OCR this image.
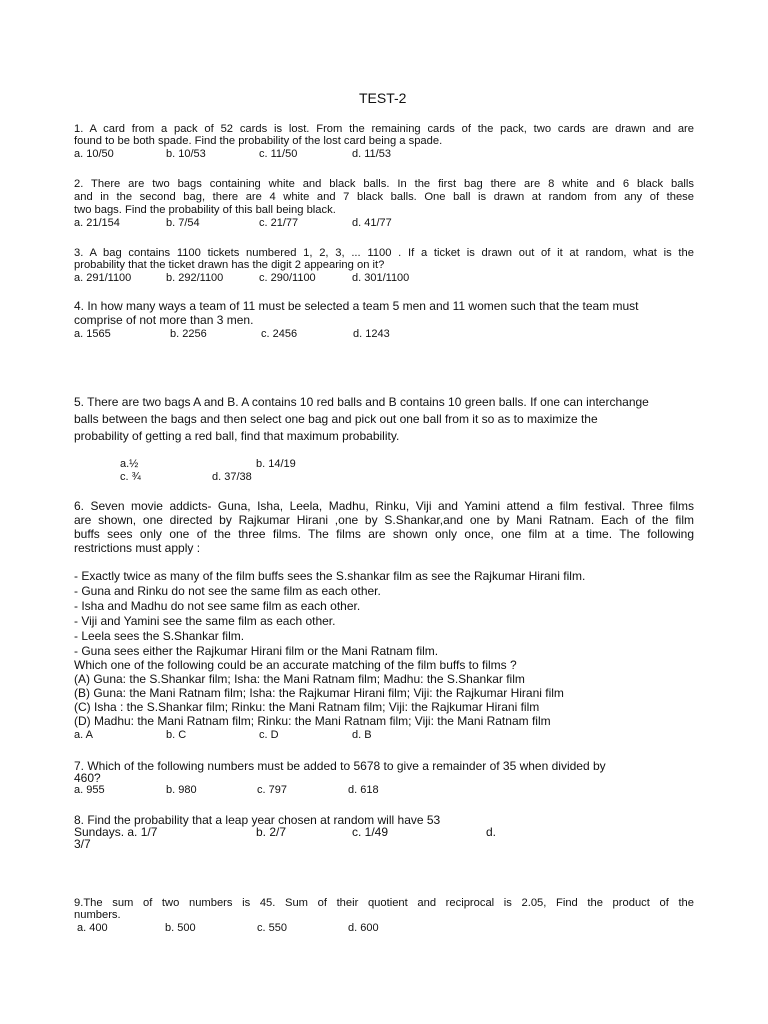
TEST-2
1. A card from a pack of 52 cards is lost. From the remaining cards of the pack, two cards are drawn and are
found to be both spade. Find the probability of the lost card being a spade.
a. 10/50	b. 10/53	c. 11/50	d. 11/53
2. There are two bags containing white and black balls. In the first bag there are 8 white and 6 black balls
and in the second bag, there are 4 white and 7 black balls. One ball is drawn at random from any of these
two bags. Find the probability of this ball being black.
a. 21/154	b. 7/54	c. 21/77	d. 41/77
3. A bag contains 1100 tickets numbered 1, 2, 3, ... 1100 . If a ticket is drawn out of it at random, what is the
probability that the ticket drawn has the digit 2 appearing on it?
a. 291/1100	b. 292/1100	c. 290/1100	d. 301/1100
4. In how many ways a team of 11 must be selected a team 5 men and 11 women such that the team must
comprise of not more than 3 men.
a. 1565	b. 2256	c. 2456	d. 1243
5. There are two bags A and B. A contains 10 red balls and B contains 10 green balls. If one can interchange
balls between the bags and then select one bag and pick out one ball from it so as to maximize the
probability of getting a red ball, find that maximum probability.
a.½	b. 14/19
c. ¾	d. 37/38
6. Seven movie addicts- Guna, Isha, Leela, Madhu, Rinku, Viji and Yamini attend a film festival. Three films
are shown, one directed by Rajkumar Hirani ,one by S.Shankar,and one by Mani Ratnam. Each of the film
buffs sees only one of the three films. The films are shown only once, one film at a time. The following
restrictions must apply :
- Exactly twice as many of the film buffs sees the S.shankar film as see the Rajkumar Hirani film.
- Guna and Rinku do not see the same film as each other.
- Isha and Madhu do not see same film as each other.
- Viji and Yamini see the same film as each other.
- Leela sees the S.Shankar film.
- Guna sees either the Rajkumar Hirani film or the Mani Ratnam film.
Which one of the following could be an accurate matching of the film buffs to films ?
(A) Guna: the S.Shankar film; Isha: the Mani Ratnam film; Madhu: the S.Shankar film
(B) Guna: the Mani Ratnam film; Isha: the Rajkumar Hirani film; Viji: the Rajkumar Hirani film
(C) Isha : the S.Shankar film; Rinku: the Mani Ratnam film; Viji: the Rajkumar Hirani film
(D) Madhu: the Mani Ratnam film; Rinku: the Mani Ratnam film; Viji: the Mani Ratnam film
a. A	b. C	c. D	d. B
7. Which of the following numbers must be added to 5678 to give a remainder of 35 when divided by
460?
a. 955	b. 980	c. 797	d. 618
8. Find the probability that a leap year chosen at random will have 53
Sundays. a. 1/7	b. 2/7	c. 1/49	d.
3/7
9.The sum of two numbers is 45. Sum of their quotient and reciprocal is 2.05, Find the product of the
numbers.
a. 400	b. 500	c. 550	d. 600
